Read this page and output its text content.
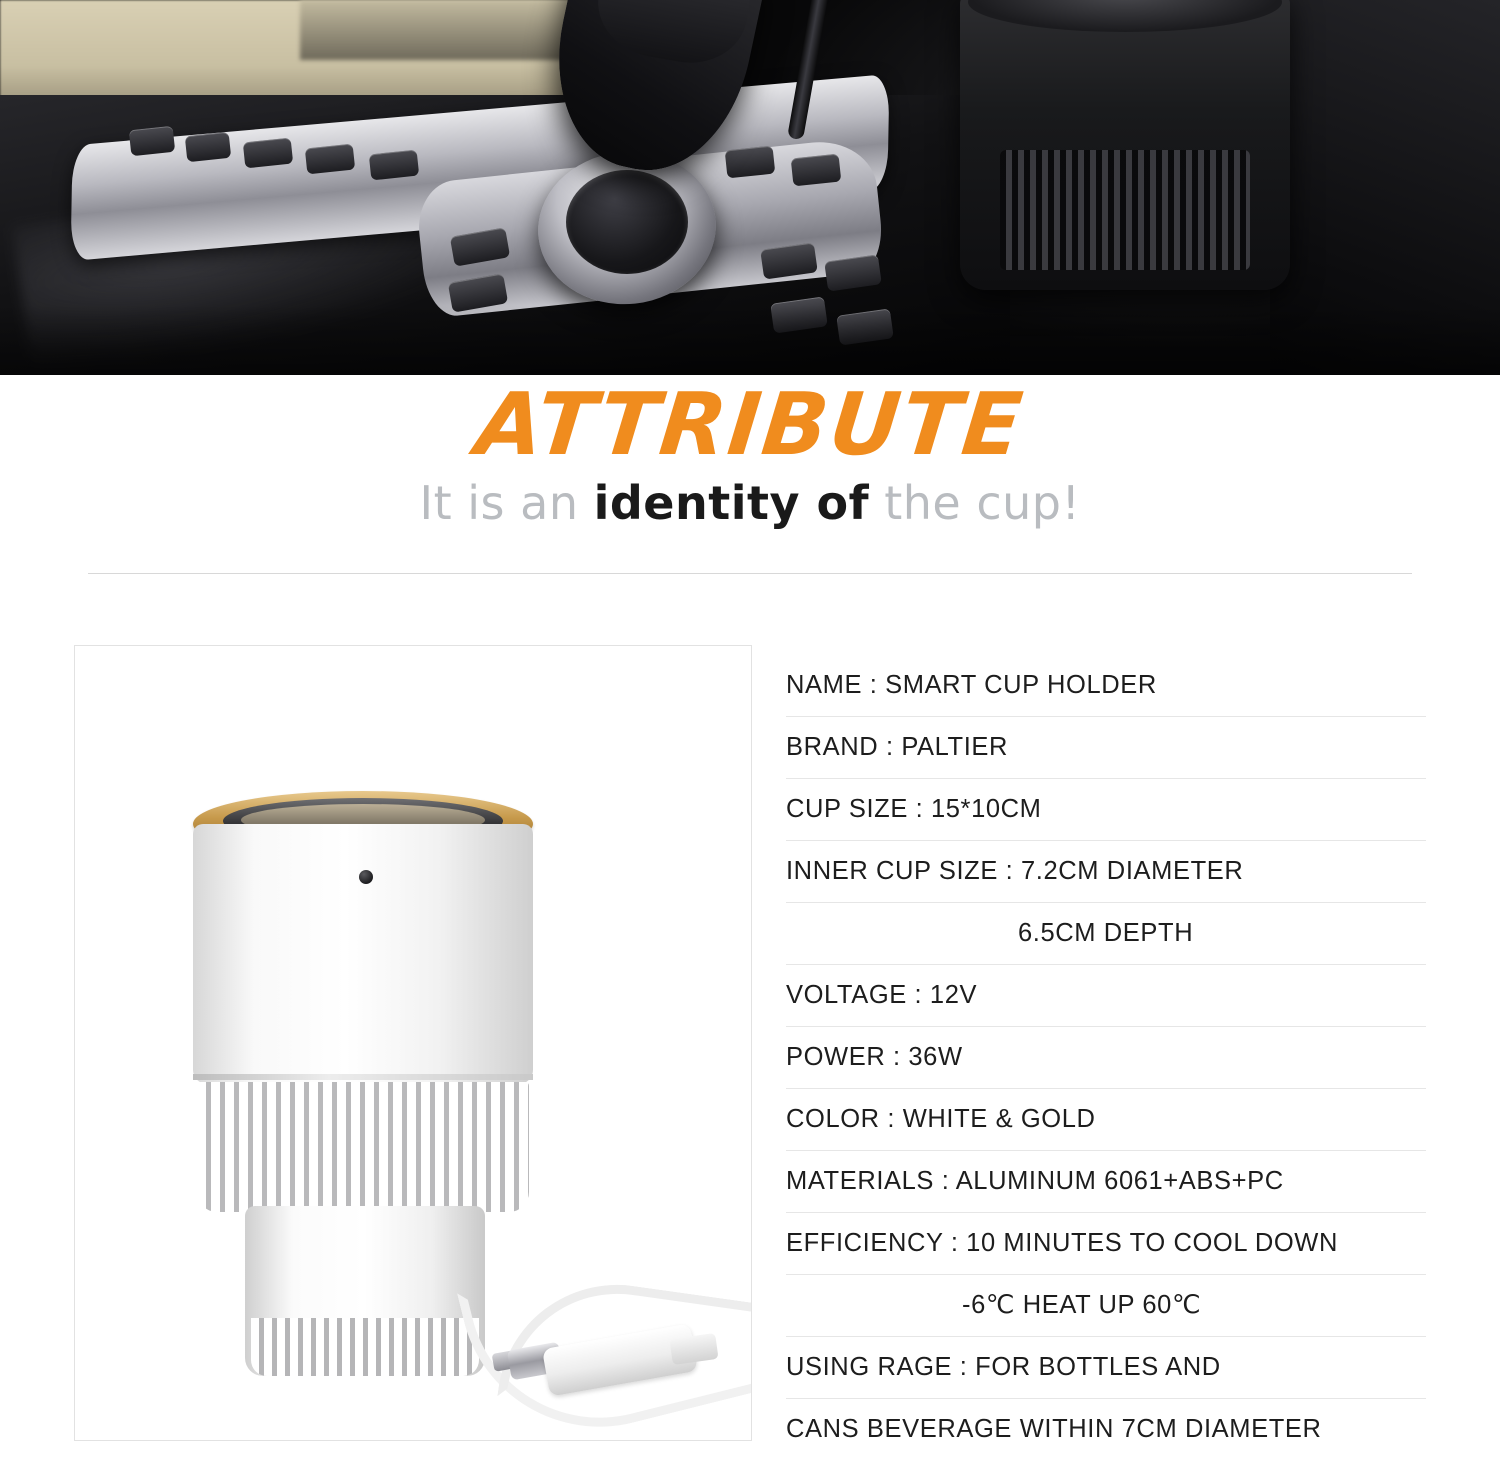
ATTRIBUTE
It is an identity of the cup!
NAME : SMART CUP HOLDER
BRAND : PALTIER
CUP SIZE : 15*10CM
INNER CUP SIZE : 7.2CM DIAMETER
6.5CM DEPTH
VOLTAGE : 12V
POWER : 36W
COLOR : WHITE & GOLD
MATERIALS : ALUMINUM 6061+ABS+PC
EFFICIENCY : 10 MINUTES TO COOL DOWN
-6℃ HEAT UP 60℃
USING RAGE : FOR BOTTLES AND
CANS BEVERAGE WITHIN 7CM DIAMETER
